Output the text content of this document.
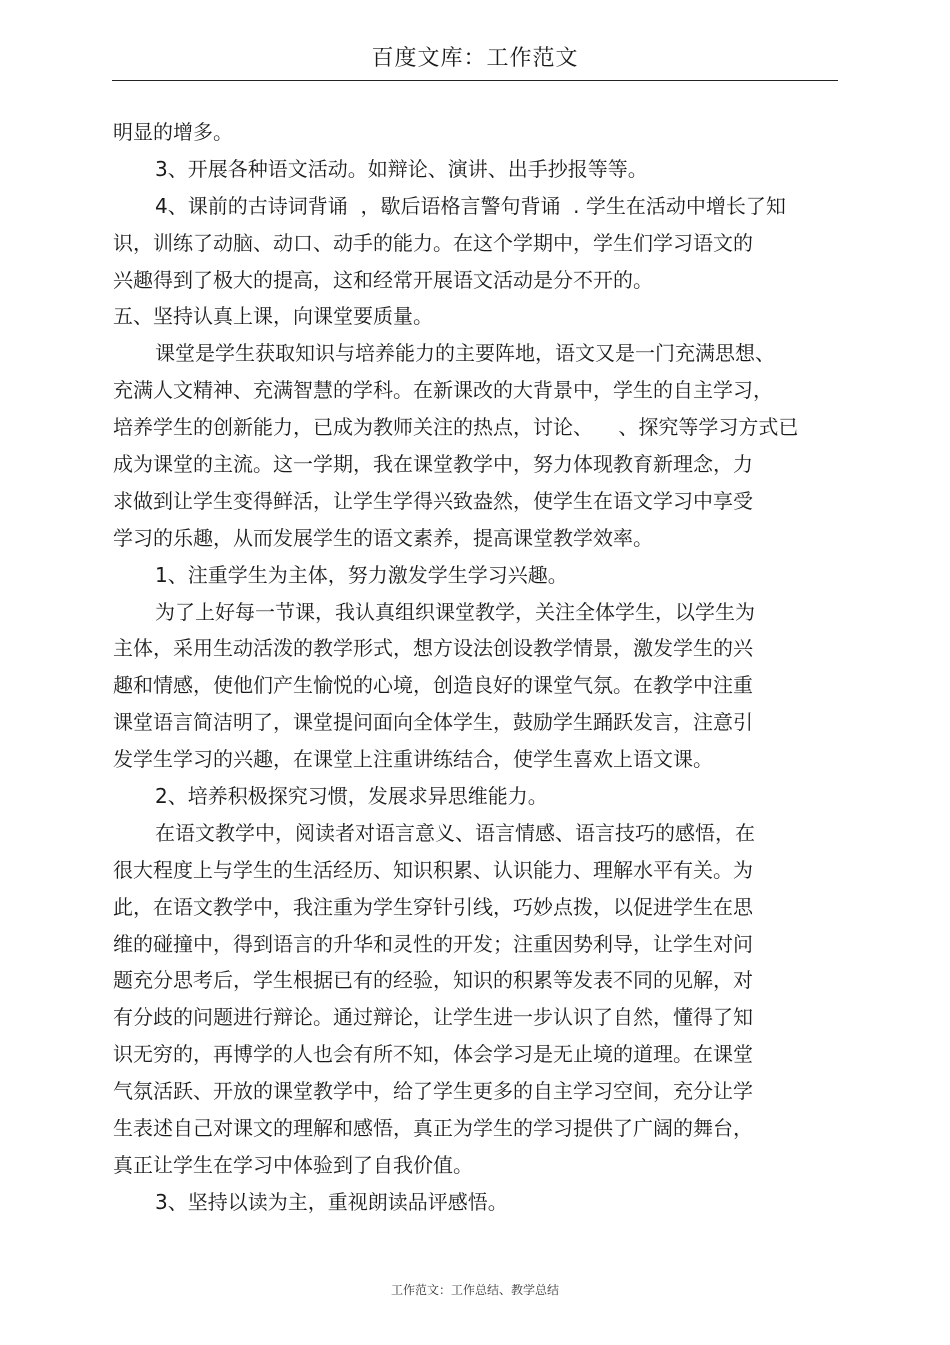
百度文库：工作范文
明显的增多。
3、开展各种语文活动。如辩论、演讲、出手抄报等等。
4、课前的古诗词背诵  ，歇后语格言警句背诵  . 学生在活动中增长了知
识，训练了动脑、动口、动手的能力。在这个学期中，学生们学习语文的
兴趣得到了极大的提高，这和经常开展语文活动是分不开的。
五、坚持认真上课，向课堂要质量。
课堂是学生获取知识与培养能力的主要阵地，语文又是一门充满思想、
充满人文精神、充满智慧的学科。在新课改的大背景中，学生的自主学习，
培养学生的创新能力，已成为教师关注的热点，讨论、    、探究等学习方式已
成为课堂的主流。这一学期，我在课堂教学中，努力体现教育新理念，力
求做到让学生变得鲜活，让学生学得兴致盎然，使学生在语文学习中享受
学习的乐趣，从而发展学生的语文素养，提高课堂教学效率。
1、注重学生为主体，努力激发学生学习兴趣。
为了上好每一节课，我认真组织课堂教学，关注全体学生，以学生为
主体，采用生动活泼的教学形式，想方设法创设教学情景，激发学生的兴
趣和情感，使他们产生愉悦的心境，创造良好的课堂气氛。在教学中注重
课堂语言简洁明了，课堂提问面向全体学生，鼓励学生踊跃发言，注意引
发学生学习的兴趣，在课堂上注重讲练结合，使学生喜欢上语文课。
2、培养积极探究习惯，发展求异思维能力。
在语文教学中，阅读者对语言意义、语言情感、语言技巧的感悟，在
很大程度上与学生的生活经历、知识积累、认识能力、理解水平有关。为
此，在语文教学中，我注重为学生穿针引线，巧妙点拨，以促进学生在思
维的碰撞中，得到语言的升华和灵性的开发；注重因势利导，让学生对问
题充分思考后，学生根据已有的经验，知识的积累等发表不同的见解，对
有分歧的问题进行辩论。通过辩论，让学生进一步认识了自然，懂得了知
识无穷的，再博学的人也会有所不知，体会学习是无止境的道理。在课堂
气氛活跃、开放的课堂教学中，给了学生更多的自主学习空间，充分让学
生表述自己对课文的理解和感悟，真正为学生的学习提供了广阔的舞台，
真正让学生在学习中体验到了自我价值。
3、坚持以读为主，重视朗读品评感悟。
工作范文：工作总结、教学总结
